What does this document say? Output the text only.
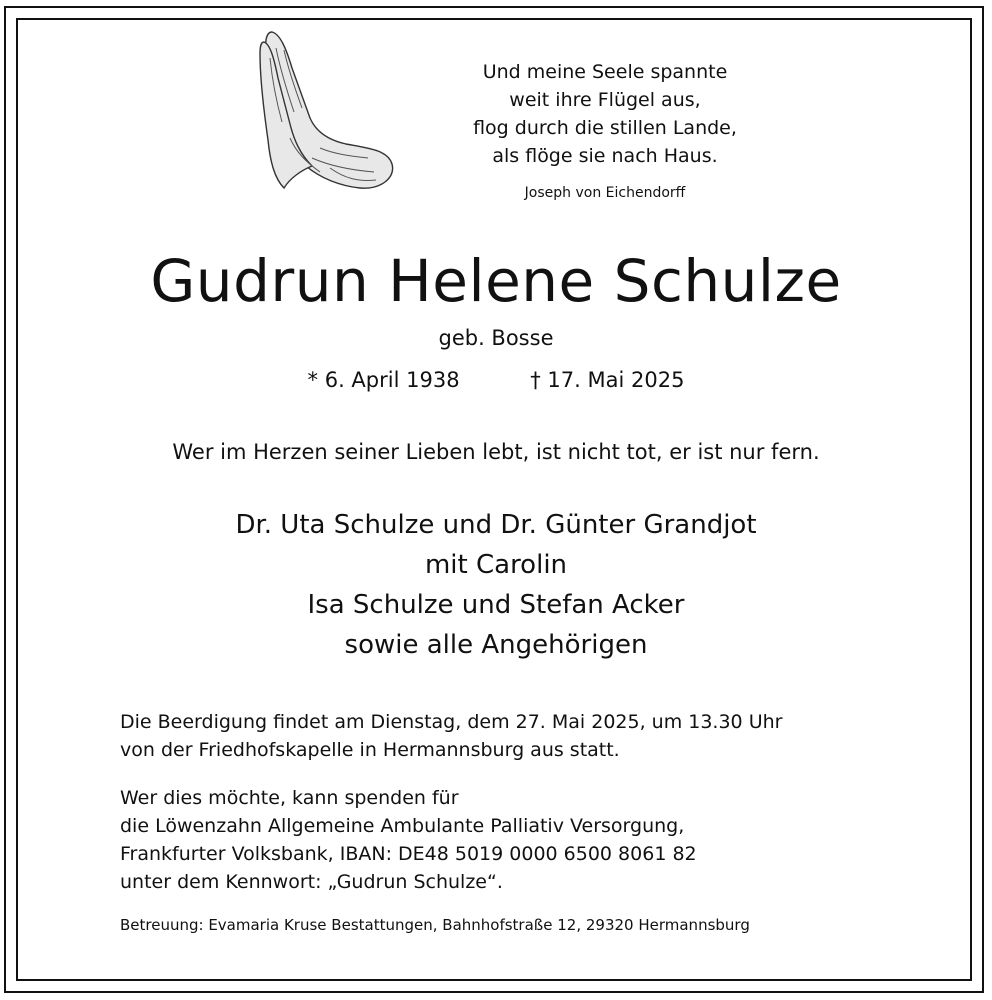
Und meine Seele spannte
weit ihre Flügel aus,
flog durch die stillen Lande,
als flöge sie nach Haus.
Joseph von Eichendorff
Gudrun Helene Schulze
geb. Bosse
* 6. April 1938	† 17. Mai 2025
Wer im Herzen seiner Lieben lebt, ist nicht tot, er ist nur fern.
Dr. Uta Schulze und Dr. Günter Grandjot
mit Carolin
Isa Schulze und Stefan Acker
sowie alle Angehörigen
Die Beerdigung findet am Dienstag, dem 27. Mai 2025, um 13.30 Uhr
von der Friedhofskapelle in Hermannsburg aus statt.
Wer dies möchte, kann spenden für
die Löwenzahn Allgemeine Ambulante Palliativ Versorgung,
Frankfurter Volksbank, IBAN: DE48 5019 0000 6500 8061 82
unter dem Kennwort: „Gudrun Schulze“.
Betreuung: Evamaria Kruse Bestattungen, Bahnhofstraße 12, 29320 Hermannsburg
